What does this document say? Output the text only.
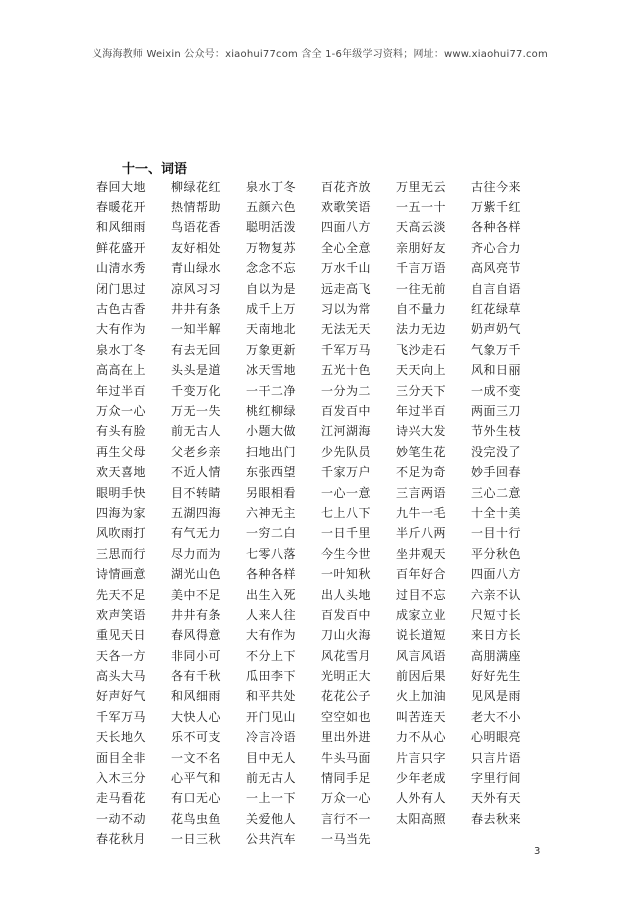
义海海教师 Weixin 公众号：xiaohui77com 含全 1-6年级学习资料；网址：www.xiaohui77.com
十一、词语
春回大地	柳绿花红	泉水丁冬	百花齐放	万里无云	古往今来
春暖花开	热情帮助	五颜六色	欢歌笑语	一五一十	万紫千红
和风细雨	鸟语花香	聪明活泼	四面八方	天高云淡	各种各样
鲜花盛开	友好相处	万物复苏	全心全意	亲朋好友	齐心合力
山清水秀	青山绿水	念念不忘	万水千山	千言万语	高风亮节
闭门思过	凉风习习	自以为是	远走高飞	一往无前	自言自语
古色古香	井井有条	成千上万	习以为常	自不量力	红花绿草
大有作为	一知半解	天南地北	无法无天	法力无边	奶声奶气
泉水丁冬	有去无回	万象更新	千军万马	飞沙走石	气象万千
高高在上	头头是道	冰天雪地	五光十色	天天向上	风和日丽
年过半百	千变万化	一干二净	一分为二	三分天下	一成不变
万众一心	万无一失	桃红柳绿	百发百中	年过半百	两面三刀
有头有脸	前无古人	小题大做	江河湖海	诗兴大发	节外生枝
再生父母	父老乡亲	扫地出门	少先队员	妙笔生花	没完没了
欢天喜地	不近人情	东张西望	千家万户	不足为奇	妙手回春
眼明手快	目不转睛	另眼相看	一心一意	三言两语	三心二意
四海为家	五湖四海	六神无主	七上八下	九牛一毛	十全十美
风吹雨打	有气无力	一穷二白	一日千里	半斤八两	一目十行
三思而行	尽力而为	七零八落	今生今世	坐井观天	平分秋色
诗情画意	湖光山色	各种各样	一叶知秋	百年好合	四面八方
先天不足	美中不足	出生入死	出人头地	过目不忘	六亲不认
欢声笑语	井井有条	人来人往	百发百中	成家立业	尺短寸长
重见天日	春风得意	大有作为	刀山火海	说长道短	来日方长
天各一方	非同小可	不分上下	风花雪月	风言风语	高朋满座
高头大马	各有千秋	瓜田李下	光明正大	前因后果	好好先生
好声好气	和风细雨	和平共处	花花公子	火上加油	见风是雨
千军万马	大快人心	开门见山	空空如也	叫苦连天	老大不小
天长地久	乐不可支	冷言冷语	里出外进	力不从心	心明眼亮
面目全非	一文不名	目中无人	牛头马面	片言只字	只言片语
入木三分	心平气和	前无古人	情同手足	少年老成	字里行间
走马看花	有口无心	一上一下	万众一心	人外有人	天外有天
一动不动	花鸟虫鱼	关爱他人	言行不一	太阳高照	春去秋来
春花秋月	一日三秋	公共汽车	一马当先
3
